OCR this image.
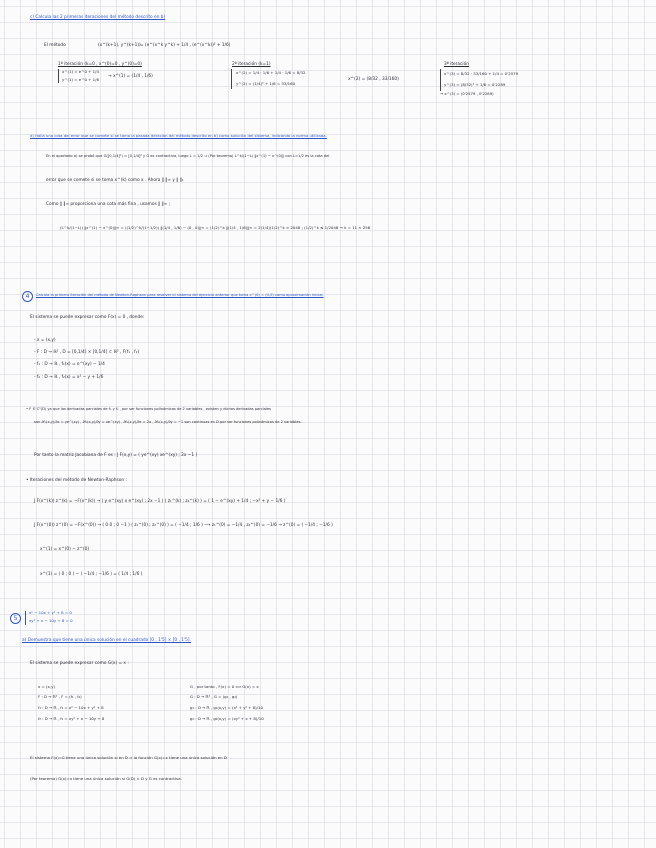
c) Calcula las 2 primeras iteraciones del método descrito en b)
El método	(x^(k+1), y^(k+1)) = (e^(x^k y^k) + 1/4 , (e^(x^k))² + 1/6)
1ª iteración (k=0 , x^(0)=0 , y^(0)=0)
x^(1) = e^0 + 1/4
y^(1) = e^0 + 1/6
→ x^(1) = (1/4 , 1/6)
2ª iteración (k=1)
x^(2) = 1/4 · 1/6 + 1/4 · 1/6 = 8/32
y^(2) = (1/4)² + 1/6 = 33/160
x^(2) = (8/32 , 33/160)
3ª iteración
x^(3) = 8/32 · 33/160 + 1/4 = 0'2579
y^(3) = (8/32)² + 1/6 = 0'2289
→ x^(3) = (0'2579 , 0'2289)
d) Halla una cota del error que se comete si se toma la pasada iteración del método descrito en b) como solución del sistema, indicando la norma utilizada.
En el apartado a) se probó que G([0,1/4]²) ⊂ [0,1/4]² y G es contractiva, luego L = 1/2 ⇒ (Por teorema) L^k/(1−L) ‖x^(1) − x^(0)‖ con L=1/2 es la cota del
error que se comete si se toma x^(k) como x . Ahora ‖ ‖∞ y ‖ ‖₁
Como ‖ ‖∞ proporciona una cota más fina , usamos ‖ ‖∞ ;
(L^k/(1−L)) ‖x^(1) − x^(0)‖∞ = ((1/2)^k/(1−1/2)) ‖(1/4 , 1/6) − (0 , 0)‖∞ = (1/2)^k ‖(1/4 , 1/6)‖∞ = 2(1/4)(1/2)^k ≈ 2048 ; (1/2)^k ≤ 1/2048 → k = 11 ≈ 256
4	Calcula la primera iteración del método de Newton-Raphson para resolver el sistema del ejercicio anterior que toma x^(0) = (0,0) como aproximación inicial.
El sistema se puede expresar como F(x) = 0 , donde:
- x = (x,y)
- F : D → ℝ² , D = [0,1/4] × [0,1/4] ⊂ ℝ² , F(f₁ , f₂)
- f₁ : D → ℝ , f₁(x) = e^(xy) − 1/4
- f₂ : D → ℝ , f₂(x) = x² − y + 1/6
• F ∈ C¹(D) ya que las derivadas parciales de f₁ y f₂ , por ser funciones polinómicas de 2 variables , existen y dichas derivadas parciales
son ∂f₁(x,y)/∂x = ye^(xy) , ∂f₁(x,y)/∂y = xe^(xy) , ∂f₂(x,y)/∂x = 2x , ∂f₂(x,y)/∂y = −1 son continuas en D por ser funciones polinómicas de 2 variables.
Por tanto la matriz Jacobiana de F es : J F(x,y) = ( ye^(xy) xe^(xy) ; 2x −1 )
• Iteraciones del método de Newton-Raphson :
J F(x^(k)) z^(k) = −F(x^(k)) → ( y e^(xy) x e^(xy) ; 2x −1 ) ( z₁^(k) ; z₂^(k) ) = ( 1 − e^(xy) + 1/4 ; −x² + y − 1/6 )
J F(x^(0)) z^(0) = −F(x^(0)) → ( 0 0 ; 0 −1 ) ( z₁^(0) ; z₂^(0) ) = ( −1/4 ; 1/6 ) ⟶ z₁^(0) = −1/4 , z₂^(0) = −1/6 → z^(0) = ( −1/4 ; −1/6 )
x^(1) = x^(0) − z^(0)
x^(1) = ( 0 ; 0 ) − ( −1/4 ; −1/6 ) = ( 1/4 ; 1/6 )
5
x² − 10x + y² + 8 = 0
xy² + x − 10y + 8 = 0
a) Demuestra que tiene una única solución en el cuadrado [0 , 1'5] × [0 , 1'5].
El sistema se puede expresar como G(x) = x :
x = (x,y)
F : D → ℝ² , F = (f₁ , f₂)
f₁ : D → ℝ , f₁ = x² − 10x + y² + 8
f₂ : D → ℝ , f₂ = xy² + x − 10y + 8
G , por tanto , F(x) = 0 ⟺ G(x) = x
G : D → ℝ² , G = (g₁ , g₂)
g₁ : D → ℝ , g₁(x,y) = (x² + y² + 8)/10
g₂ : D → ℝ , g₂(x,y) = (xy² + x + 8)/10
El sistema F(x)=0 tiene una única solución si en D ⇒ la función G(x)=x tiene una única solución en D
(Por teorema) G(x)=x tiene una única solución si G(D) ⊂ D y G es contractiva.
